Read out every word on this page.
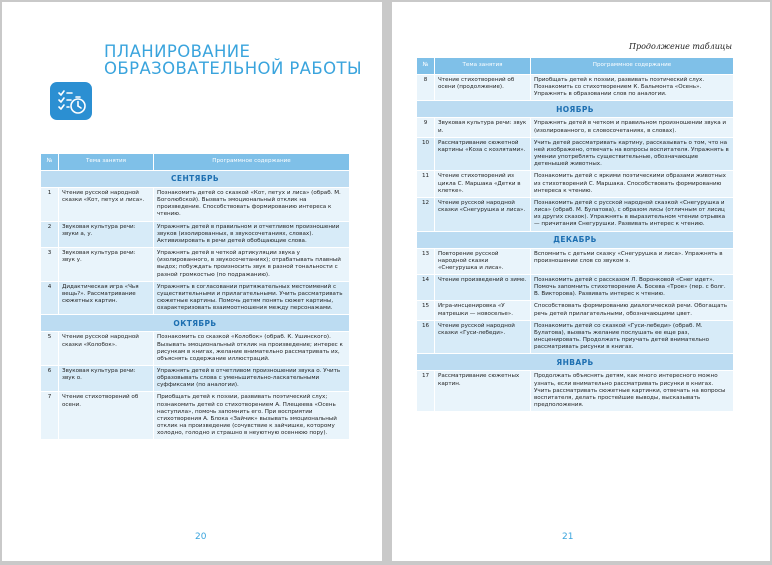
ПЛАНИРОВАНИЕ
ОБРАЗОВАТЕЛЬНОЙ РАБОТЫ
№	Тема занятия	Программное содержание
СЕНТЯБРЬ		
1	Чтение русской народной сказки «Кот, петух и лиса».	Познакомить детей со сказкой «Кот, петух и лиса» (обраб. М. Боголюбской). Вызвать эмоциональный отклик на произведение. Способствовать формированию интереса к чтению.
2	Звуковая культура речи: звуки а, у.	Упражнять детей в правильном и отчетливом произношении звуков (изолированных, в звукосочетаниях, словах). Активизировать в речи детей обобщающие слова.
3	Звуковая культура речи: звук у.	Упражнять детей в четкой артикуляции звука у (изолированного, в звукосочетаниях); отрабатывать плавный выдох; побуждать произносить звук в разной тональности с разной громкостью (по подражанию).
4	Дидактическая игра «Чья вещь?». Рассматривание сюжетных картин.	Упражнять в согласовании притяжательных местоимений с существительными и прилагательными. Учить рассматривать сюжетные картины. Помочь детям понять сюжет картины, охарактеризовать взаимоотношения между персонажами.
ОКТЯБРЬ		
5	Чтение русской народной сказки «Колобок».	Познакомить со сказкой «Колобок» (обраб. К. Ушинского). Вызывать эмоциональный отклик на произведение; интерес к рисункам в книгах, желание внимательно рассматривать их, объяснять содержание иллюстраций.
6	Звуковая культура речи: звук о.	Упражнять детей в отчетливом произношении звука о. Учить образовывать слова с уменьшительно-ласкательными суффиксами (по аналогии).
7	Чтение стихотворений об осени.	Приобщать детей к поэзии, развивать поэтический слух; познакомить детей со стихотворением А. Плещеева «Осень наступила», помочь запомнить его. При восприятии стихотворения А. Блока «Зайчик» вызывать эмоциональный отклик на произведение (сочувствие к зайчишке, которому холодно, голодно и страшно в неуютную осеннюю пору).
20
Продолжение таблицы
№	Тема занятия	Программное содержание
8	Чтение стихотворений об осени (продолжение).	Приобщать детей к поэзии, развивать поэтический слух. Познакомить со стихотворением К. Бальмонта «Осень». Упражнять в образовании слов по аналогии.
НОЯБРЬ		
9	Звуковая культура речи: звук и.	Упражнять детей в четком и правильном произношении звука и (изолированного, в словосочетаниях, в словах).
10	Рассматривание сюжетной картины «Коза с козлятами».	Учить детей рассматривать картину, рассказывать о том, что на ней изображено, отвечать на вопросы воспитателя. Упражнять в умении употреблять существительные, обозначающие детенышей животных.
11	Чтение стихотворений из цикла С. Маршака «Детки в клетке».	Познакомить детей с яркими поэтическими образами животных из стихотворений С. Маршака. Способствовать формированию интереса к чтению.
12	Чтение русской народной сказки «Снегурушка и лиса».	Познакомить детей с русской народной сказкой «Снегурушка и лиса» (обраб. М. Булатова), с образом лисы (отличным от лисиц из других сказок). Упражнять в выразительном чтении отрывка — причитания Снегурушки. Развивать интерес к чтению.
ДЕКАБРЬ		
13	Повторение русской народной сказки «Снегурушка и лиса».	Вспомнить с детьми сказку «Снегурушка и лиса». Упражнять в произношении слов со звуком э.
14	Чтение произведений о зиме.	Познакомить детей с рассказом Л. Воронковой «Снег идет». Помочь запомнить стихотворение А. Босева «Трое» (пер. с болг. В. Викторова). Развивать интерес к чтению.
15	Игра-инсценировка «У матрешки — новоселье».	Способствовать формированию диалогической речи. Обогащать речь детей прилагательными, обозначающими цвет.
16	Чтение русской народной сказки «Гуси-лебеди».	Познакомить детей со сказкой «Гуси-лебеди» (обраб. М. Булатова), вызвать желание послушать ее еще раз, инсценировать. Продолжать приучать детей внимательно рассматривать рисунки в книгах.
ЯНВАРЬ		
17	Рассматривание сюжетных картин.	Продолжать объяснять детям, как много интересного можно узнать, если внимательно рассматривать рисунки в книгах. Учить рассматривать сюжетные картинки, отвечать на вопросы воспитателя, делать простейшие выводы, высказывать предположения.
21
